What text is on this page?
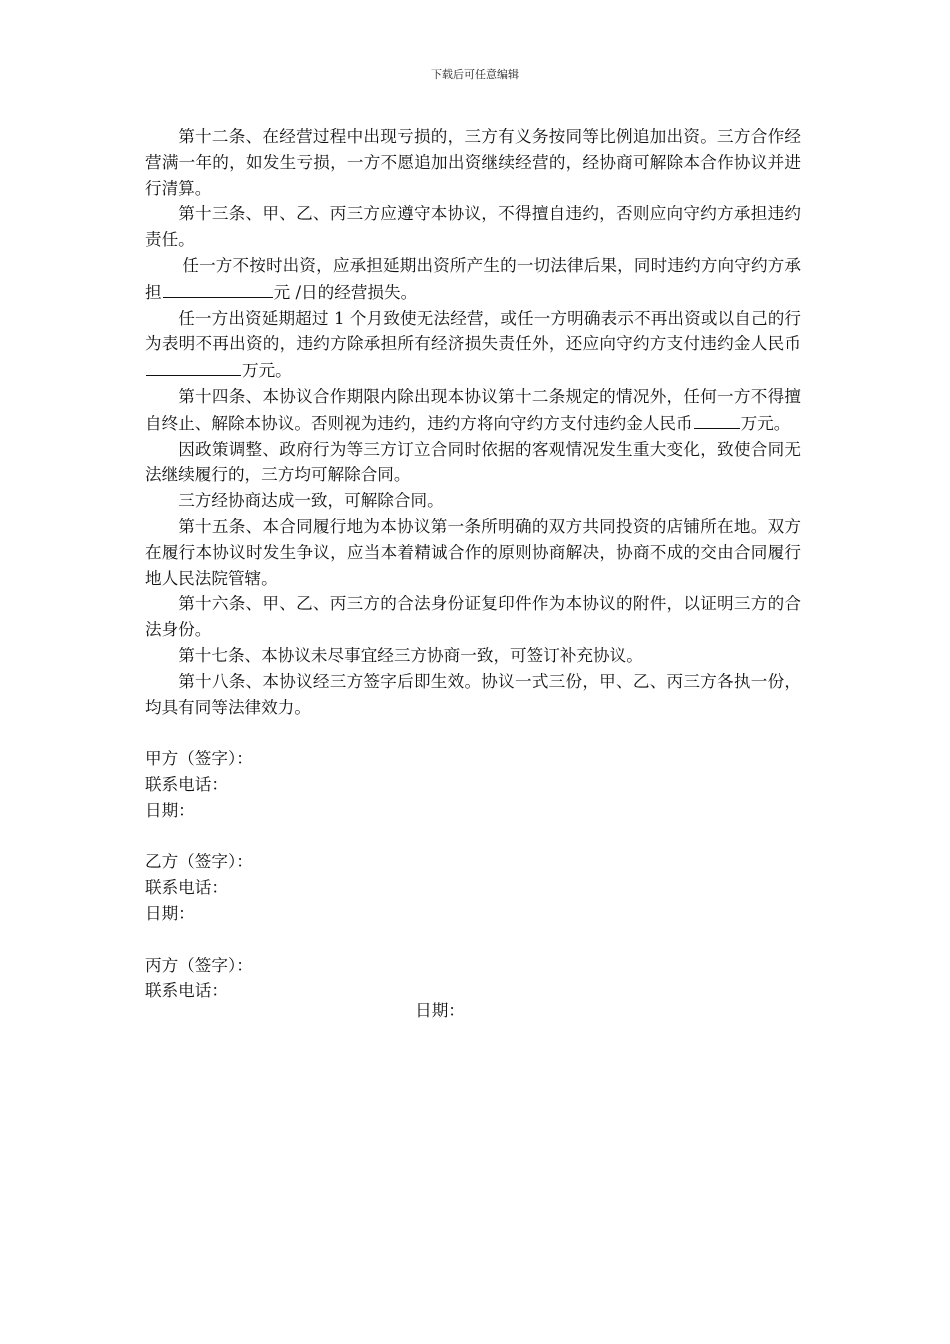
下载后可任意编辑

第十二条、在经营过程中出现亏损的，三方有义务按同等比例追加出资。三方合作经营满一年的，如发生亏损，一方不愿追加出资继续经营的，经协商可解除本合作协议并进行清算。

第十三条、甲、乙、丙三方应遵守本协议，不得擅自违约，否则应向守约方承担违约责任。

任一方不按时出资，应承担延期出资所产生的一切法律后果，同时违约方向守约方承担	元 /日的经营损失。

任一方出资延期超过 1 个月致使无法经营，或任一方明确表示不再出资或以自己的行为表明不再出资的，违约方除承担所有经济损失责任外，还应向守约方支付违约金人民币万元。

第十四条、本协议合作期限内除出现本协议第十二条规定的情况外，任何一方不得擅自终止、解除本协议。否则视为违约，违约方将向守约方支付违约金人民币	万元。

因政策调整、政府行为等三方订立合同时依据的客观情况发生重大变化，致使合同无法继续履行的，三方均可解除合同。

三方经协商达成一致，可解除合同。

第十五条、本合同履行地为本协议第一条所明确的双方共同投资的店铺所在地。双方在履行本协议时发生争议，应当本着精诚合作的原则协商解决，协商不成的交由合同履行地人民法院管辖。

第十六条、甲、乙、丙三方的合法身份证复印件作为本协议的附件，以证明三方的合法身份。

第十七条、本协议未尽事宜经三方协商一致，可签订补充协议。

第十八条、本协议经三方签字后即生效。协议一式三份，甲、乙、丙三方各执一份，均具有同等法律效力。

甲方（签字）：

联系电话：

日期：

乙方（签字）：

联系电话：

日期：

丙方（签字）：

联系电话：

日期：
